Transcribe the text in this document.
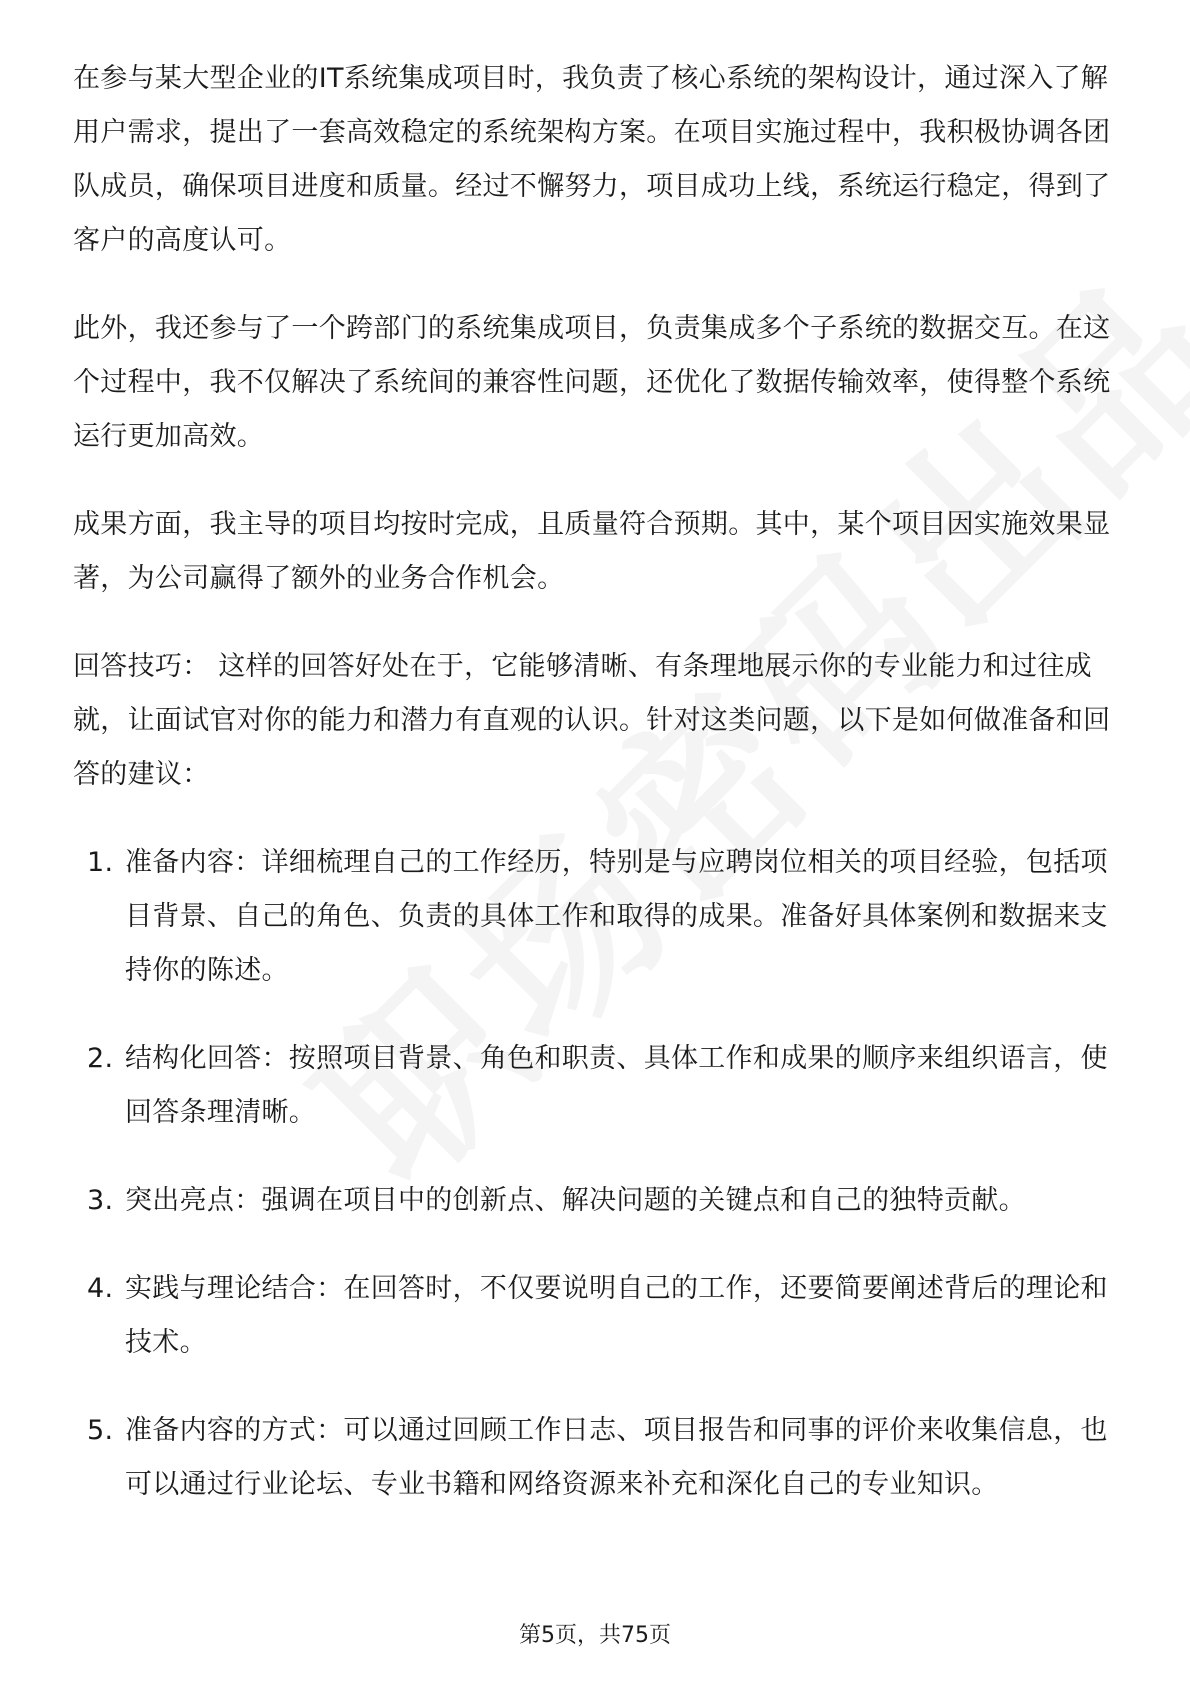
在参与某大型企业的IT系统集成项目时，我负责了核心系统的架构设计，通过深入了解用户需求，提出了一套高效稳定的系统架构方案。在项目实施过程中，我积极协调各团队成员，确保项目进度和质量。经过不懈努力，项目成功上线，系统运行稳定，得到了客户的高度认可。

此外，我还参与了一个跨部门的系统集成项目，负责集成多个子系统的数据交互。在这个过程中，我不仅解决了系统间的兼容性问题，还优化了数据传输效率，使得整个系统运行更加高效。

成果方面，我主导的项目均按时完成，且质量符合预期。其中，某个项目因实施效果显著，为公司赢得了额外的业务合作机会。

回答技巧： 这样的回答好处在于，它能够清晰、有条理地展示你的专业能力和过往成就，让面试官对你的能力和潜力有直观的认识。针对这类问题，以下是如何做准备和回答的建议：

1. 准备内容：详细梳理自己的工作经历，特别是与应聘岗位相关的项目经验，包括项目背景、自己的角色、负责的具体工作和取得的成果。准备好具体案例和数据来支持你的陈述。
2. 结构化回答：按照项目背景、角色和职责、具体工作和成果的顺序来组织语言，使回答条理清晰。
3. 突出亮点：强调在项目中的创新点、解决问题的关键点和自己的独特贡献。
4. 实践与理论结合：在回答时，不仅要说明自己的工作，还要简要阐述背后的理论和技术。
5. 准备内容的方式：可以通过回顾工作日志、项目报告和同事的评价来收集信息，也可以通过行业论坛、专业书籍和网络资源来补充和深化自己的专业知识。
第5页，共75页
